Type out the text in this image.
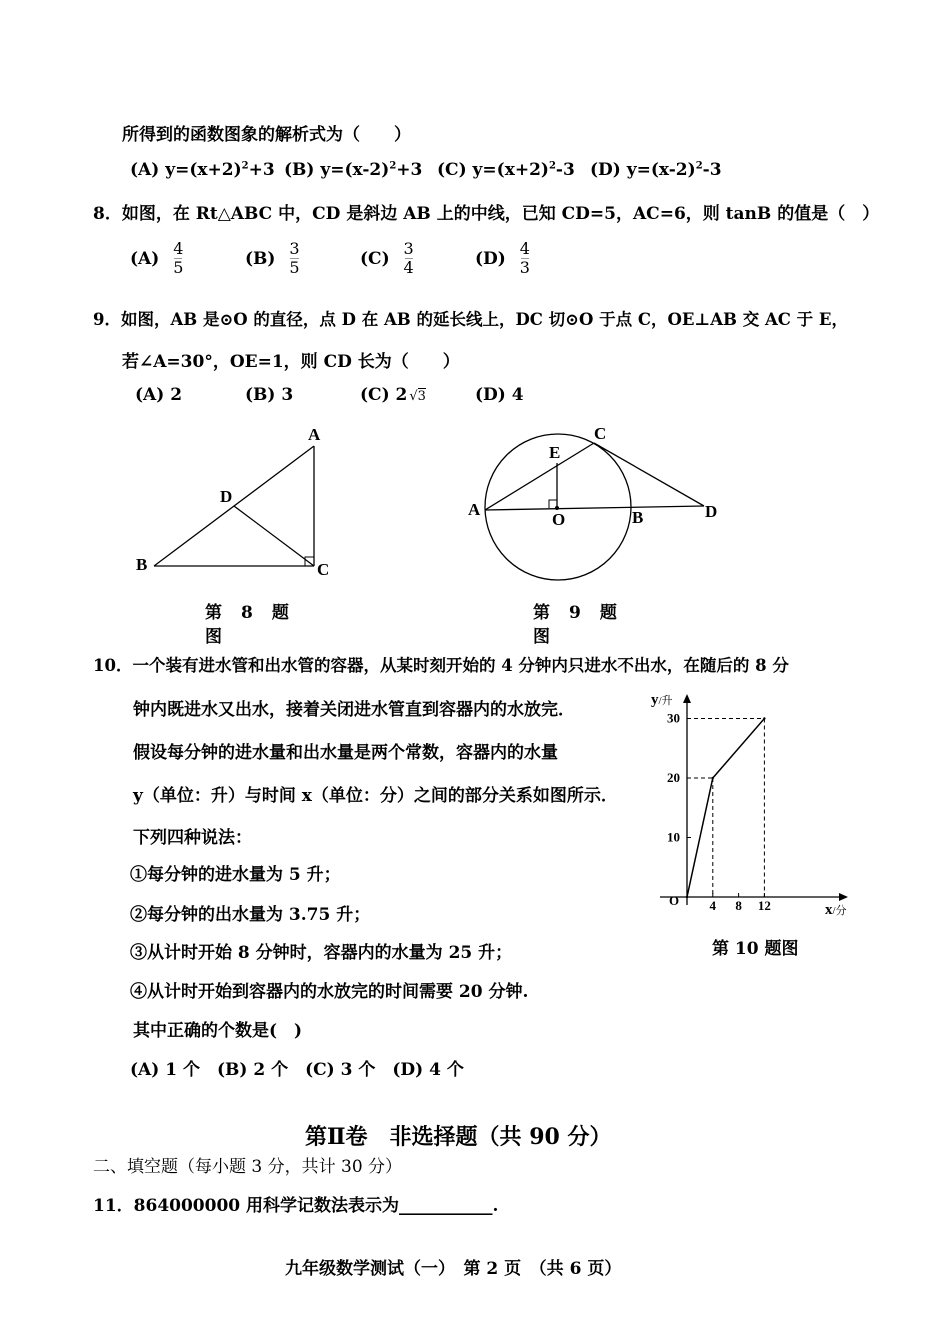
所得到的函数图象的解析式为（　　）
(A) $y=(x+2)^2+3$ (B) $y=(x-2)^2+3$ (C) $y=(x+2)^2-3$ (D) $y=(x-2)^2-3$
8．如图，在 Rt△ABC 中，CD 是斜边 AB 上的中线，已知 CD=5，AC=6，则 tanB 的值是（　）
$(A) \frac{4}{5}$	$(B) \frac{3}{5}$	$(C) \frac{3}{4}$	$(D) \frac{4}{3}$
9．如图，AB 是⊙O 的直径，点 D 在 AB 的延长线上，DC 切⊙O 于点 C，OE⊥AB 交 AC 于 E，
若∠A=30°，OE=1，则 CD 长为（　　）
(A) 2	(B) 3	(C) 2 √3	(D) 4
A
B	C
D
第　8　题
图
A	B
C
D
E
O
第　9　题
图
10．一个装有进水管和出水管的容器，从某时刻开始的 4 分钟内只进水不出水，在随后的 8 分
钟内既进水又出水，接着关闭进水管直到容器内的水放完．
假设每分钟的进水量和出水量是两个常数，容器内的水量
y（单位：升）与时间 x（单位：分）之间的部分关系如图所示．
下列四种说法：
①每分钟的进水量为 5 升；
②每分钟的出水量为 3.75 升；
③从计时开始 8 分钟时，容器内的水量为 25 升；
④从计时开始到容器内的水放完的时间需要 20 分钟.
其中正确的个数是(　)
(A) 1 个　(B) 2 个　(C) 3 个　(D) 4 个
4 8 12
10
20
30
O
y/升
x/分
第 10 题图
第Ⅱ卷　非选择题（共 90 分）
二、填空题（每小题 3 分，共计 30 分）
11．864000000 用科学记数法表示为___________.
九年级数学测试（一）　第 2 页　（共 6 页）
